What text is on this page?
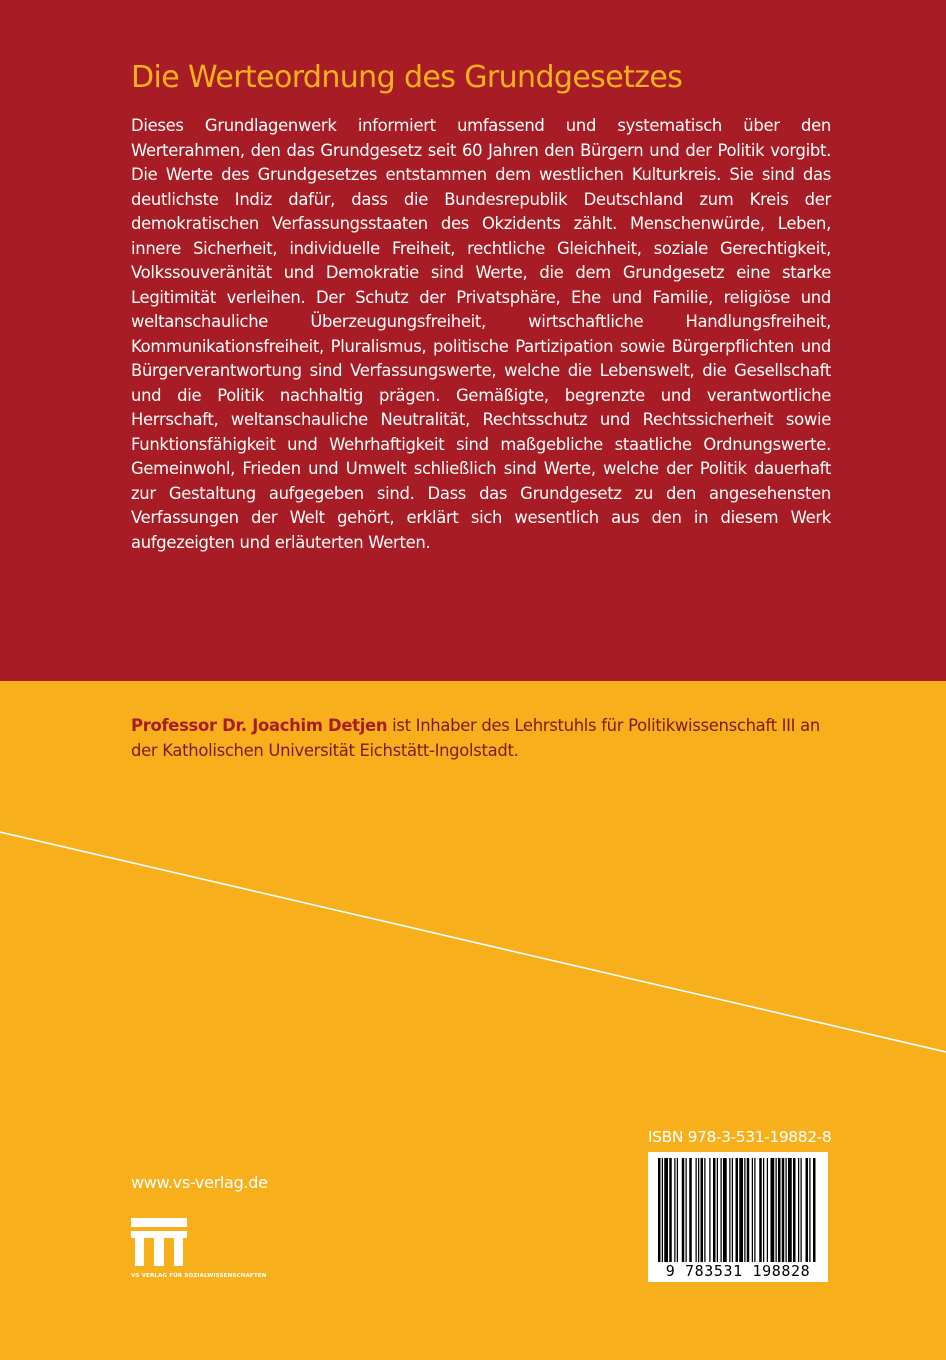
Die Werteordnung des Grundgesetzes

Dieses Grundlagenwerk informiert umfassend und systematisch über den Werterahmen, den das Grundgesetz seit 60 Jahren den Bürgern und der Politik vorgibt. Die Werte des Grundgesetzes entstammen dem westlichen Kulturkreis. Sie sind das deutlichste Indiz dafür, dass die Bundesrepublik Deutschland zum Kreis der demokratischen Verfassungsstaaten des Okzidents zählt. Menschenwürde, Leben, innere Sicherheit, individuelle Freiheit, rechtliche Gleichheit, soziale Gerechtigkeit, Volkssouveränität und Demokratie sind Werte, die dem Grundgesetz eine starke Legitimität verleihen. Der Schutz der Privatsphäre, Ehe und Familie, religiöse und weltanschauliche Überzeugungsfreiheit, wirtschaftliche Handlungsfreiheit, Kommunikationsfreiheit, Pluralismus, politische Partizipation sowie Bürgerpflichten und Bürgerverantwortung sind Verfassungswerte, welche die Lebenswelt, die Gesellschaft und die Politik nachhaltig prägen. Gemäßigte, begrenzte und verantwortliche Herrschaft, weltanschauliche Neutralität, Rechtsschutz und Rechtssicherheit sowie Funktionsfähigkeit und Wehrhaftigkeit sind maßgebliche staatliche Ordnungswerte. Gemeinwohl, Frieden und Umwelt schließlich sind Werte, welche der Politik dauerhaft zur Gestaltung aufgegeben sind. Dass das Grundgesetz zu den angesehensten Verfassungen der Welt gehört, erklärt sich wesentlich aus den in diesem Werk aufgezeigten und erläuterten Werten.

Professor Dr. Joachim Detjen ist Inhaber des Lehrstuhls für Politikwissenschaft III an der Katholischen Universität Eichstätt-Ingolstadt.

www.vs-verlag.de

VS VERLAG FÜR SOZIALWISSENSCHAFTEN

ISBN 978-3-531-19882-8

9 783531 198828
